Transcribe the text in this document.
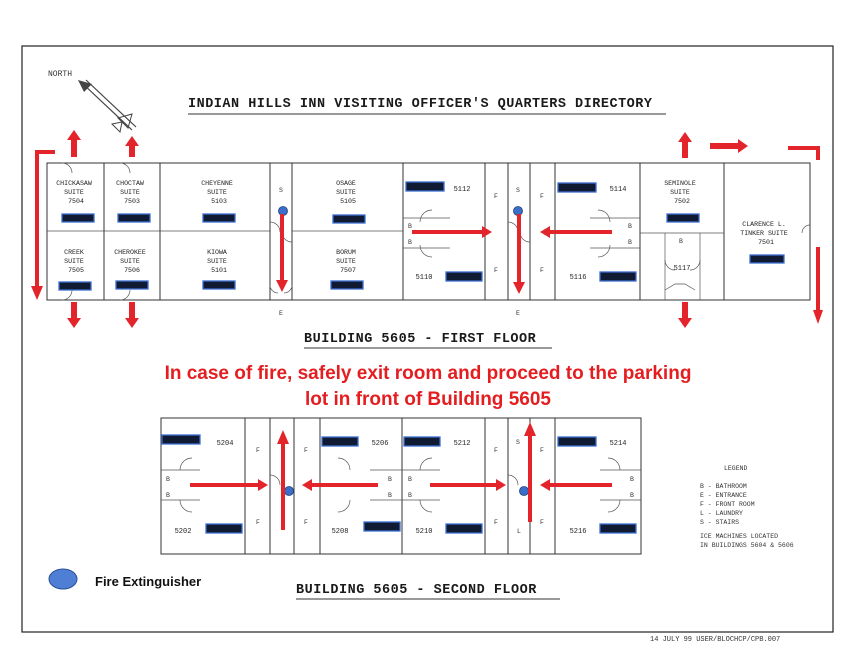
NORTH
INDIAN HILLS INN VISITING OFFICER'S QUARTERS DIRECTORY
CHICKASAW SUITE 7504
CHOCTAW SUITE 7503
CHEYENNE SUITE 5103
OSAGE SUITE 5105
CREEK SUITE 7505
CHEROKEE SUITE 7506
KIOWA SUITE 5101
BORUM SUITE 7507
SEMINOLE SUITE 7502
CLARENCE L. TINKER SUITE 7501
5112
5110
5114
5116
5117
S	S
E	E
F
F
F
F
B
B
B
B	B
BUILDING 5605 - FIRST FLOOR
In case of fire, safely exit room and proceed to the parking
lot in front of Building 5605
5204
5202
5206
5208
5212
5210
5214
5216
F
F
F
F
F
F
F
F
S
L
B
B
B B
B B
B
B
LEGEND
B - BATHROOM
E - ENTRANCE
F - FRONT ROOM
L - LAUNDRY
S - STAIRS
ICE MACHINES LOCATED
IN BUILDINGS 5604 & 5606
Fire Extinguisher
BUILDING 5605 - SECOND FLOOR
14 JULY 99 USER/BLOCHCP/CPB.007
